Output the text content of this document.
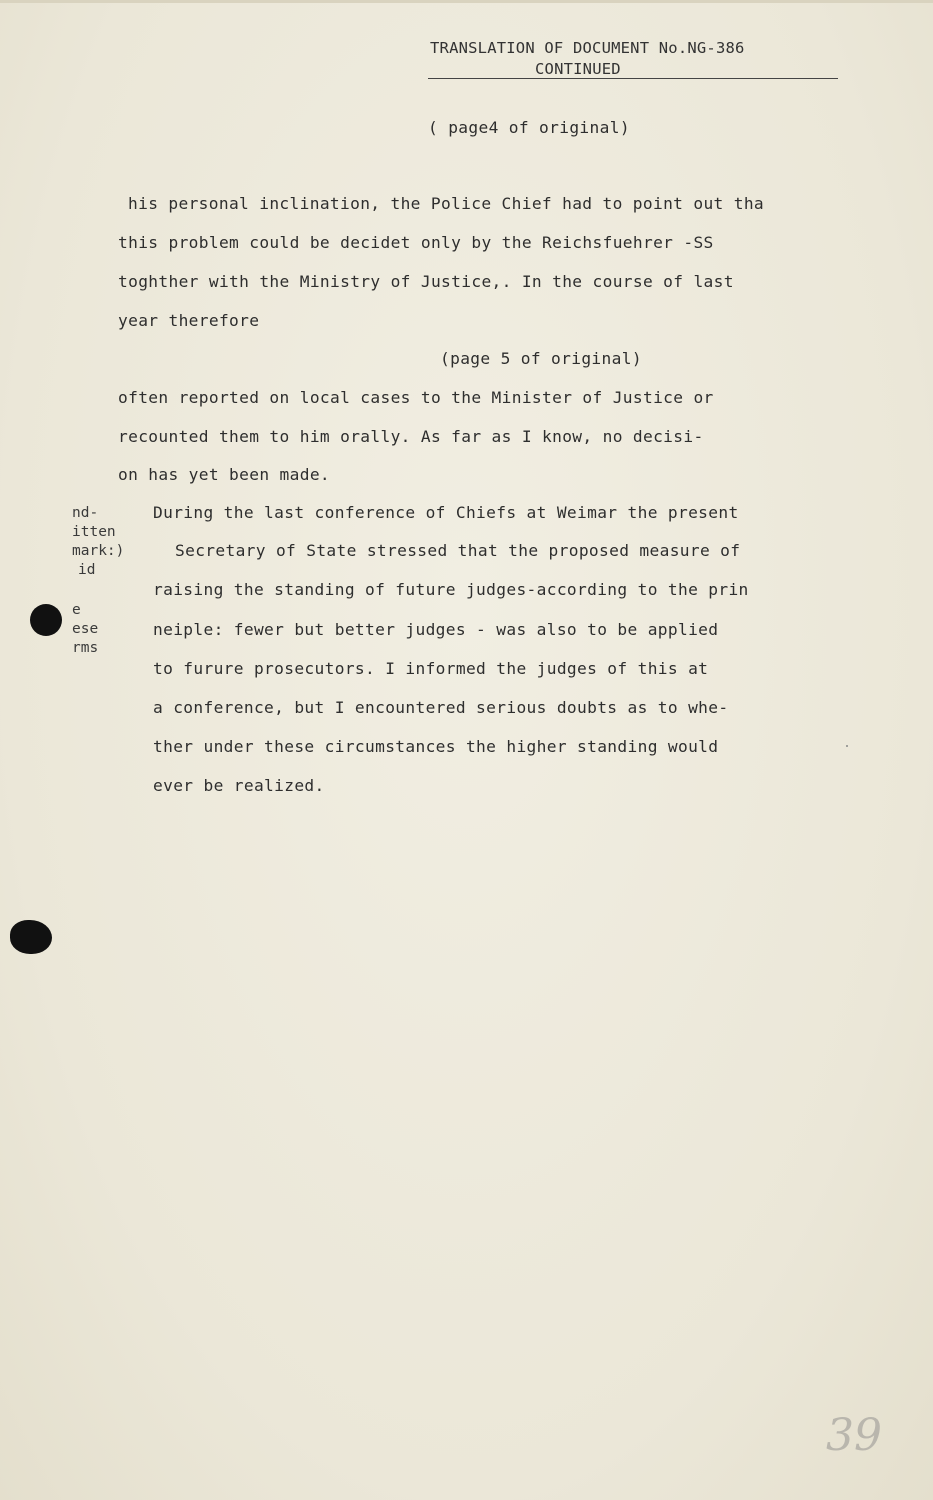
TRANSLATION OF DOCUMENT No.NG-386
CONTINUED
( page4 of original)
his personal inclination, the Police Chief had to point out tha
this problem could be decidet only by the Reichsfuehrer -SS
toghther with the Ministry of Justice,. In the course of last
year therefore
(page 5 of original)
often reported on local cases to the Minister of Justice or
recounted them to him orally. As far as I know, no decisi-
on has yet been made.
During the last conference of Chiefs at Weimar the present
Secretary of State stressed that the proposed measure of
raising the standing of future judges-according to the prin
neiple: fewer but better judges - was also to be applied
to furure prosecutors. I informed the judges of this at
a conference, but I encountered serious doubts as to whe-
ther under these circumstances the higher standing would
ever be realized.
nd-
itten
mark:)
id
e
ese
rms
39
